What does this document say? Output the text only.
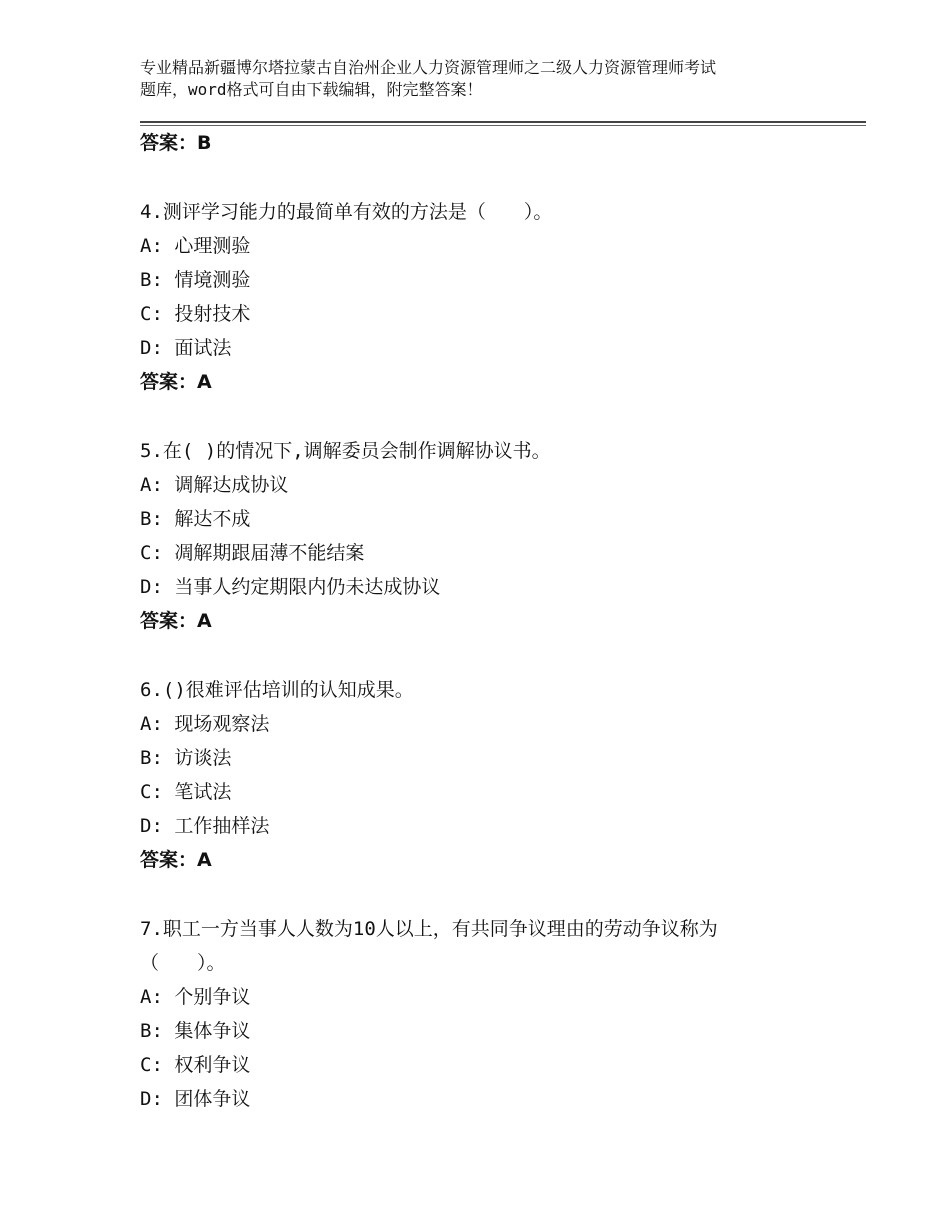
专业精品新疆博尔塔拉蒙古自治州企业人力资源管理师之二级人力资源管理师考试
题库，word格式可自由下载编辑，附完整答案！
答案：B
4.测评学习能力的最简单有效的方法是（　　）。
A: 心理测验
B: 情境测验
C: 投射技术
D: 面试法
答案：A
5.在( )的情况下,调解委员会制作调解协议书。
A: 调解达成协议
B: 解达不成
C: 凋解期跟届薄不能结案
D: 当事人约定期限内仍未达成协议
答案：A
6.()很难评估培训的认知成果。
A: 现场观察法
B: 访谈法
C: 笔试法
D: 工作抽样法
答案：A
7.职工一方当事人人数为10人以上，有共同争议理由的劳动争议称为
（　　）。
A: 个别争议
B: 集体争议
C: 权利争议
D: 团体争议
